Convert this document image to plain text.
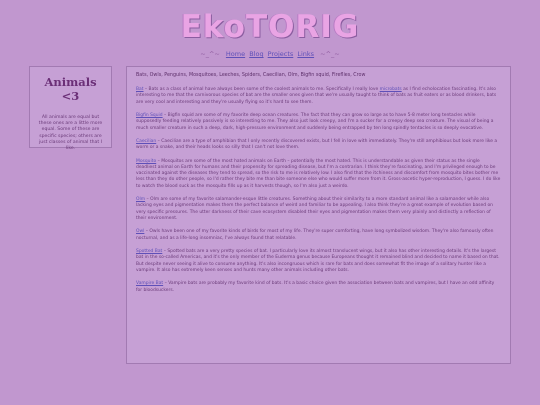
EkoTORIG
~_^~ Home Blog Projects Links ~^_~
Animals <3

All animals are equal but these ones are a little more equal. Some of these are specific species; others are just classes of animal that I like.

Bats, Owls, Penguins, Mosquitoes, Leeches, Spiders, Caecilian, Olm, Bigfin squid, Fireflies, Crow

Bat – Bats as a class of animal have always been some of the coolest animals to me. Specifically I really love microbats as I find echolocation fascinating. It's also interesting to me that the carnivorous species of bat are the smaller ones given that we're usually taught to think of bats as fruit eaters or as blood drinkers, bats are very cool and interesting and they're usually flying so it's hard to see them.

Bigfin Squid – Bigfin squid are some of my favorite deep ocean creatures. The fact that they can grow so large as to have 5-8 meter long tentacles while supposedly feeding relatively passively is so interesting to me. They also just look creepy, and I'm a sucker for a creepy deep sea creature. The visual of being a much smaller creature in such a deep, dark, high-pressure environment and suddenly being entrapped by ten long spindly tentacles is so deeply evocative.

Caecilian – Caecilian are a type of amphibian that I only recently discovered exists, but I fell in love with immediately. They're still amphibious but look more like a worm or a snake, and their heads looks so silly that I can't not love them.

Mosquito – Mosquitos are some of the most hated animals on Earth – potentially the most hated. This is understandable as given their status as the single deadliest animal on Earth for humans and their propensity for spreading disease, but I'm a contrarian. I think they're fascinating, and I'm privileged enough to be vaccinated against the diseases they tend to spread, so the risk to me is relatively low. I also find that the itchiness and discomfort from mosquito bites bother me less than they do other people, so I'd rather they bite me than bite someone else who would suffer more from it. Gross-ascetic hyper-reproduction, I guess. I do like to watch the blood suck as the mosquito fills up as it harvests though, so I'm also just a weirdo.

Olm – Olm are some of my favorite salamander-esque little creatures. Something about their similarity to a more standard animal like a salamander while also lacking eyes and pigmentation makes them the perfect balance of weird and familiar to be appealing. I also think they're a great example of evolution based on very specific pressures. The utter darkness of their cave ecosystem disabled their eyes and pigmentation makes them very plainly and distinctly a reflection of their environment.

Owl – Owls have been one of my favorite kinds of birds for most of my life. They're super comforting, have long symbolized wisdom. They're also famously often nocturnal, and as a life-long insomniac, I've always found that relatable.

Spotted Bat – Spotted bats are a very pretty species of bat. I particularly love its almost translucent wings, but it also has other interesting details. It's the largest bat in the so-called Americas, and it's the only member of the Euderma genus because Europeans thought it remained blind and decided to name it based on that. But despite never seeing it alive to consume anything. It's also incongruous which is rare for bats and does somewhat fit the image of a solitary hunter like a vampire. It also has extremely keen senses and hunts many other animals including other bats.

Vampire Bat – Vampire bats are probably my favorite kind of bats. It's a basic choice given the association between bats and vampires, but I have an odd affinity for bloodsuckers.
